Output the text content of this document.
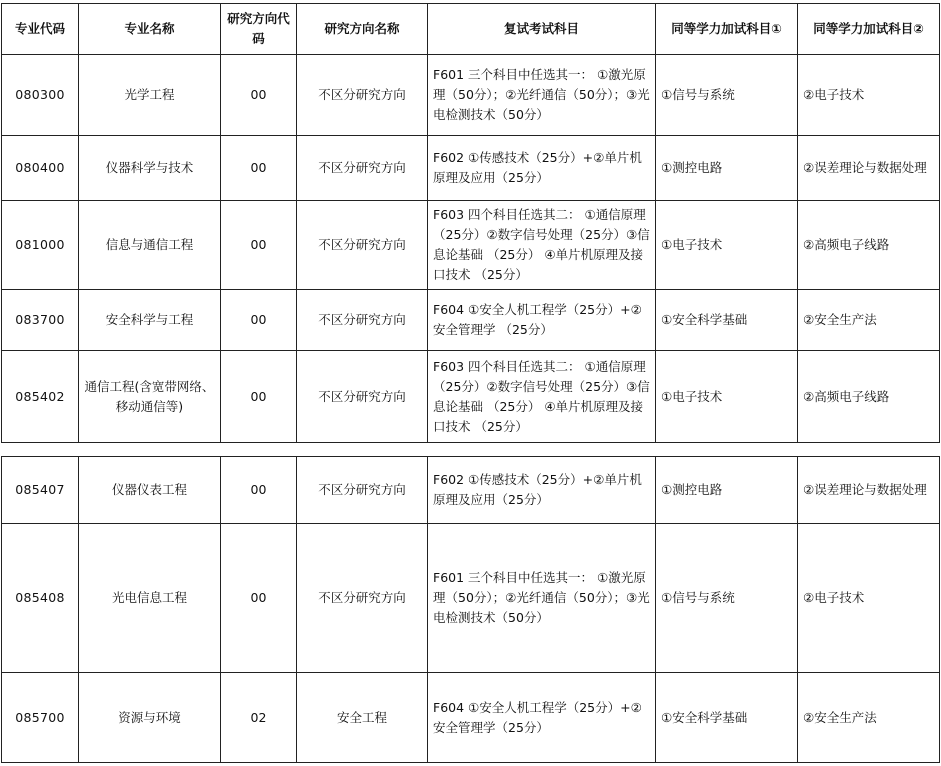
专业代码	专业名称	研究方向代码	研究方向名称	复试考试科目	同等学力加试科目①	同等学力加试科目②
080300	光学工程	00	不区分研究方向	F601 三个科目中任选其一： ①激光原理（50分）；②光纤通信（50分）；③光电检测技术（50分）	①信号与系统	②电子技术
080400	仪器科学与技术	00	不区分研究方向	F602 ①传感技术（25分）+②单片机原理及应用（25分）	①测控电路	②误差理论与数据处理
081000	信息与通信工程	00	不区分研究方向	F603 四个科目任选其二： ①通信原理 （25分）②数字信号处理（25分）③信息论基础 （25分） ④单片机原理及接口技术 （25分）	①电子技术	②高频电子线路
083700	安全科学与工程	00	不区分研究方向	F604 ①安全人机工程学（25分）+②安全管理学 （25分）	①安全科学基础	②安全生产法
085402	通信工程(含宽带网络、移动通信等)	00	不区分研究方向	F603 四个科目任选其二： ①通信原理 （25分）②数字信号处理（25分）③信息论基础 （25分） ④单片机原理及接口技术 （25分）	①电子技术	②高频电子线路
085407	仪器仪表工程	00	不区分研究方向	F602 ①传感技术（25分）+②单片机原理及应用（25分）	①测控电路	②误差理论与数据处理
085408	光电信息工程	00	不区分研究方向	F601 三个科目中任选其一： ①激光原理（50分）；②光纤通信（50分）；③光电检测技术（50分）	①信号与系统	②电子技术
085700	资源与环境	02	安全工程	F604 ①安全人机工程学（25分）+②安全管理学（25分）	①安全科学基础	②安全生产法
